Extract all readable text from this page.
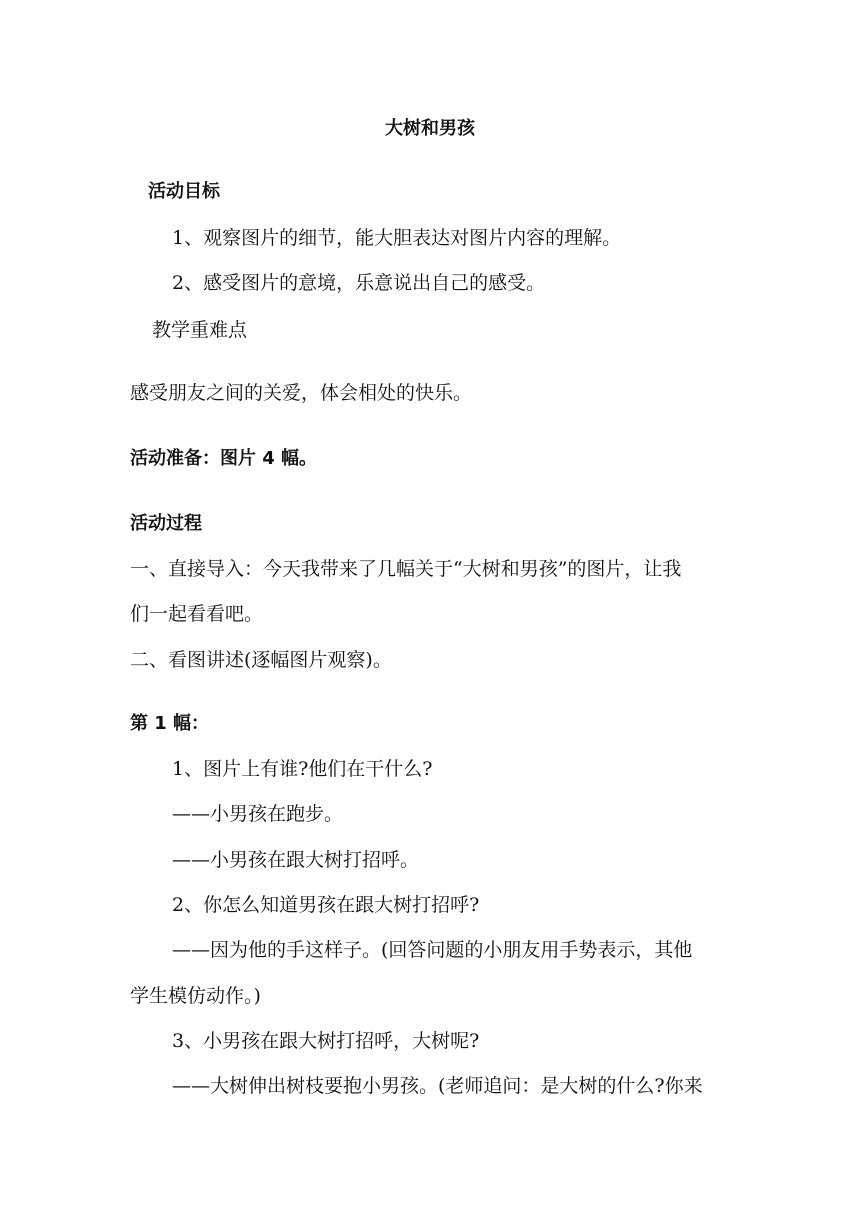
大树和男孩
活动目标
1、观察图片的细节，能大胆表达对图片内容的理解。
2、感受图片的意境，乐意说出自己的感受。
教学重难点
感受朋友之间的关爱，体会相处的快乐。
活动准备：图片 4 幅。
活动过程
一、直接导入：今天我带来了几幅关于“大树和男孩”的图片，让我
们一起看看吧。
二、看图讲述(逐幅图片观察)。
第 1 幅：
1、图片上有谁?他们在干什么?
——小男孩在跑步。
——小男孩在跟大树打招呼。
2、你怎么知道男孩在跟大树打招呼?
——因为他的手这样子。(回答问题的小朋友用手势表示，其他
学生模仿动作。)
3、小男孩在跟大树打招呼，大树呢?
——大树伸出树枝要抱小男孩。(老师追问：是大树的什么?你来
